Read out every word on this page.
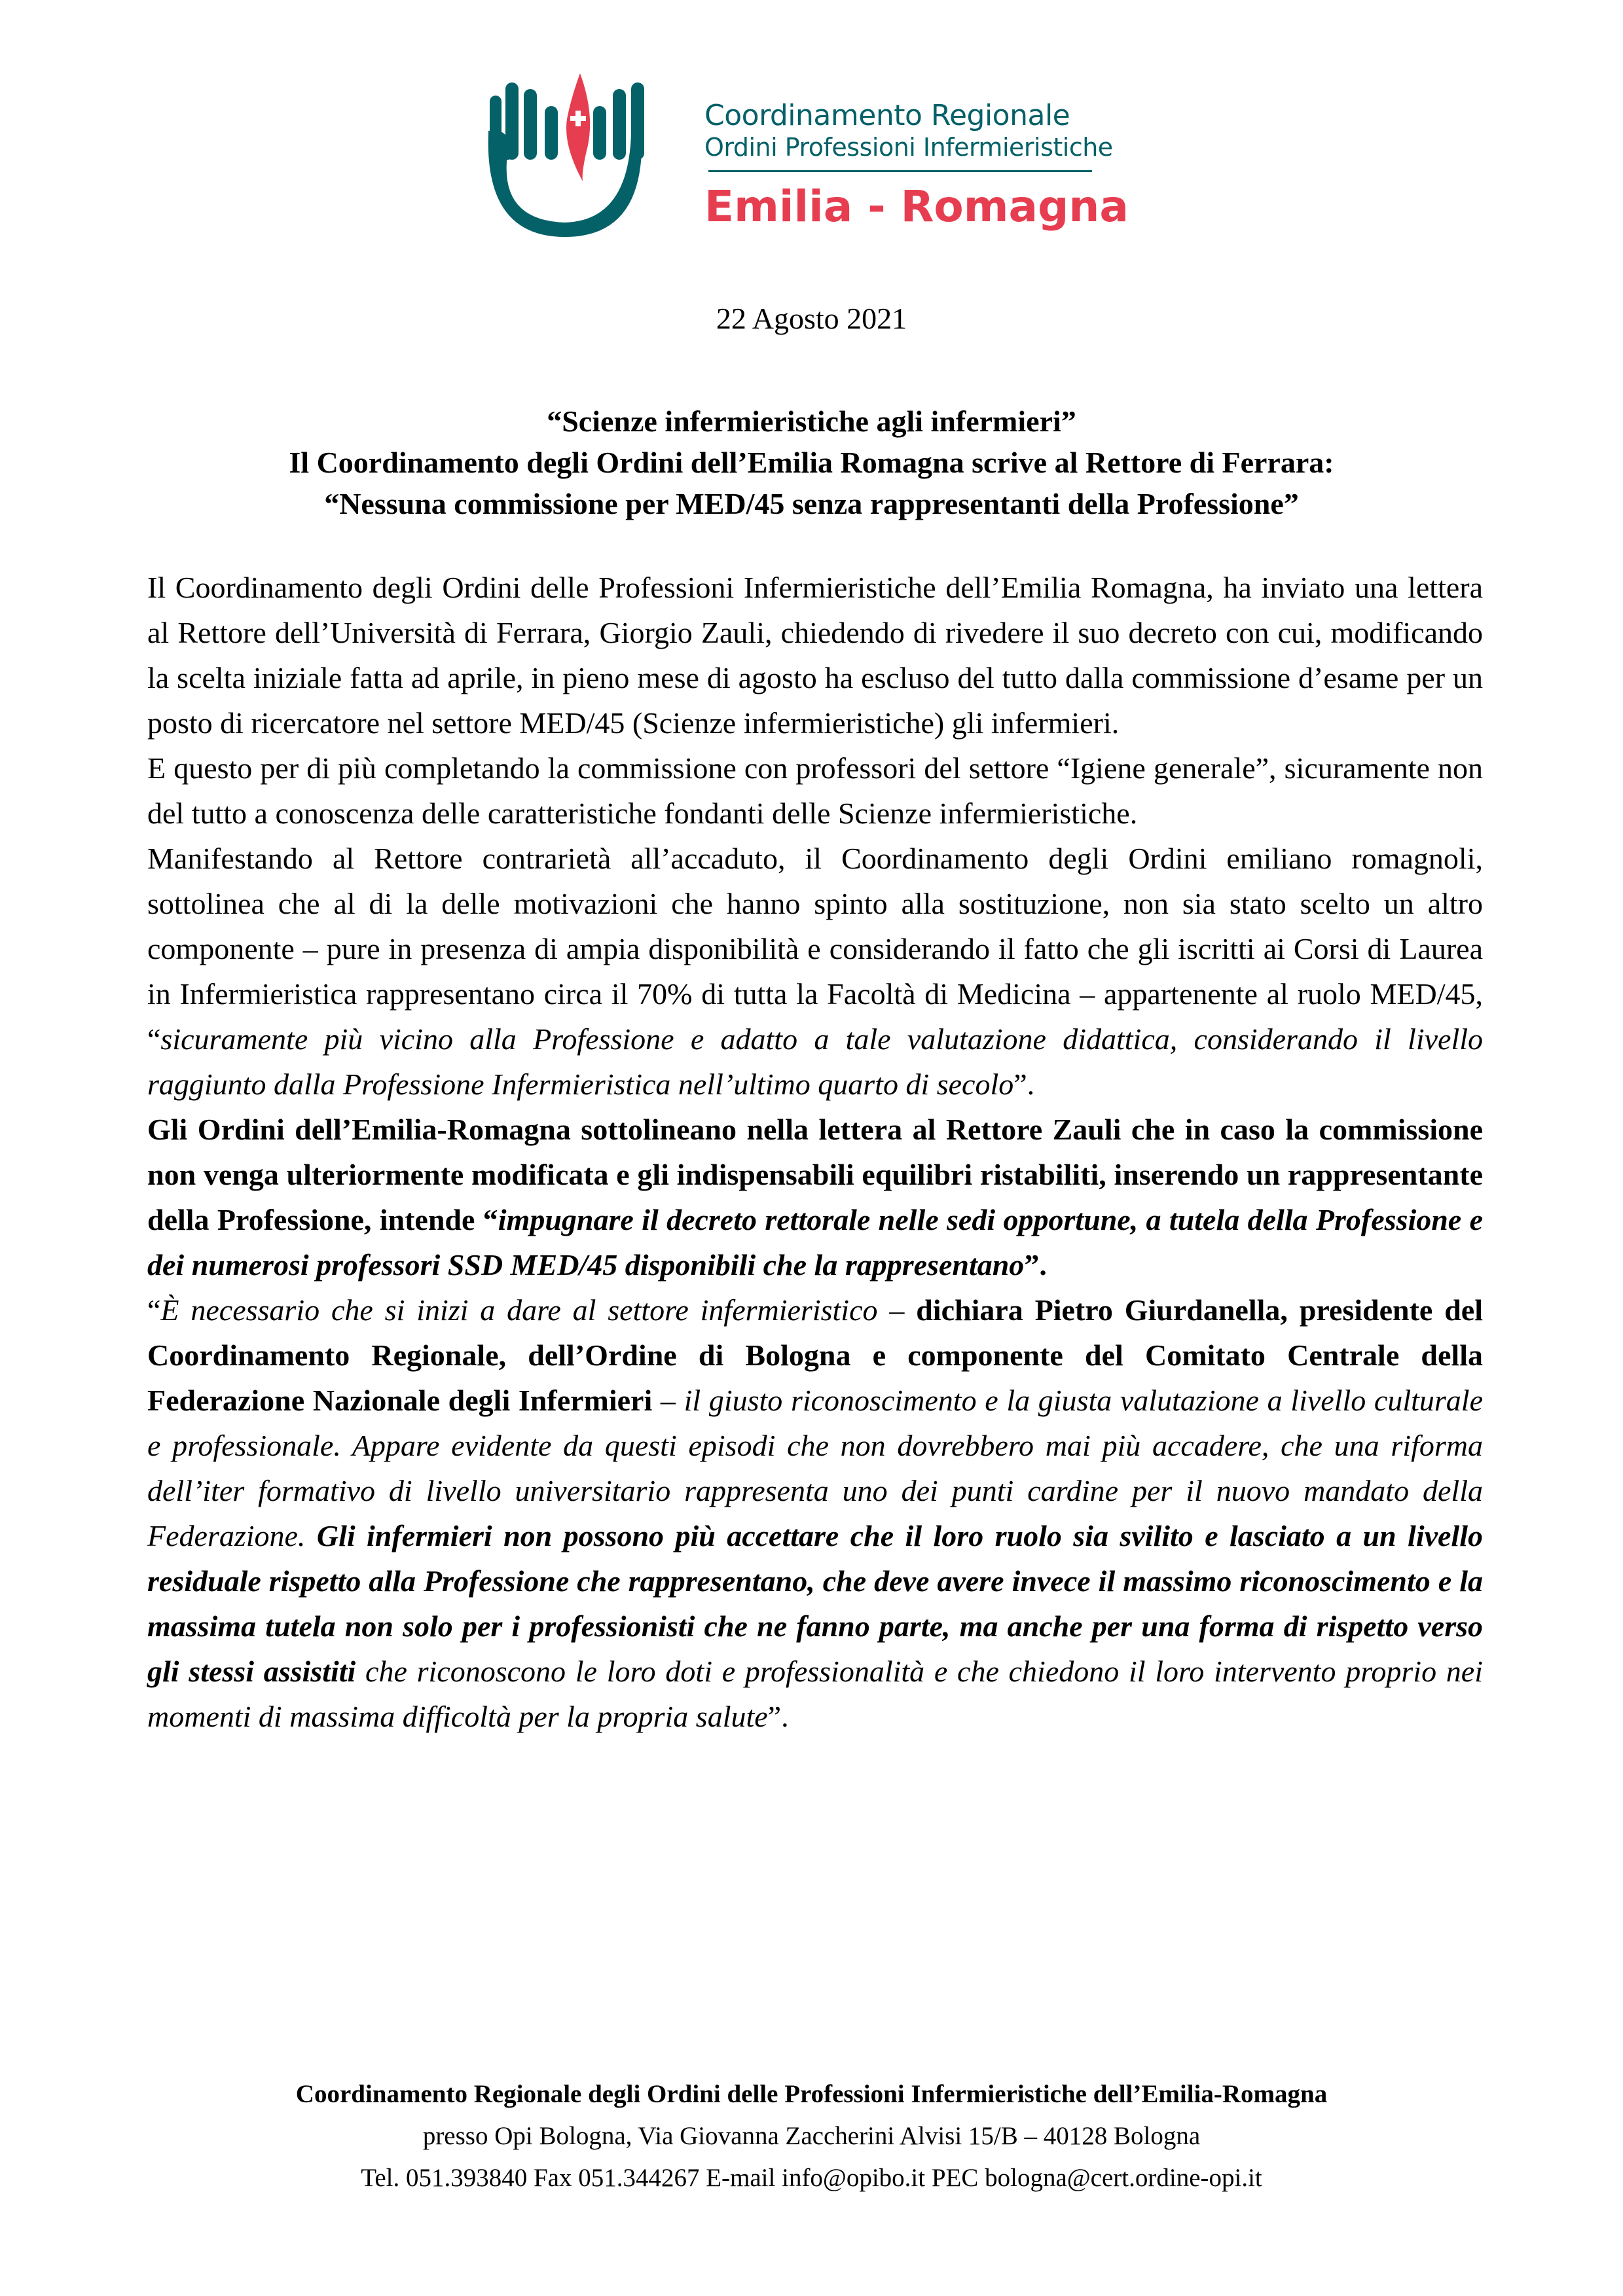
Coordinamento Regionale
Ordini Professioni Infermieristiche
Emilia - Romagna
22 Agosto 2021
“Scienze infermieristiche agli infermieri”
Il Coordinamento degli Ordini dell’Emilia Romagna scrive al Rettore di Ferrara:
“Nessuna commissione per MED/45 senza rappresentanti della Professione”

Il Coordinamento degli Ordini delle Professioni Infermieristiche dell’Emilia Romagna, ha inviato una lettera al Rettore dell’Università di Ferrara, Giorgio Zauli, chiedendo di rivedere il suo decreto con cui, modificando la scelta iniziale fatta ad aprile, in pieno mese di agosto ha escluso del tutto dalla commissione d’esame per un posto di ricercatore nel settore MED/45 (Scienze infermieristiche) gli infermieri.

E questo per di più completando la commissione con professori del settore “Igiene generale”, sicuramente non del tutto a conoscenza delle caratteristiche fondanti delle Scienze infermieristiche.

Manifestando al Rettore contrarietà all’accaduto, il Coordinamento degli Ordini emiliano romagnoli, sottolinea che al di la delle motivazioni che hanno spinto alla sostituzione, non sia stato scelto un altro componente – pure in presenza di ampia disponibilità e considerando il fatto che gli iscritti ai Corsi di Laurea in Infermieristica rappresentano circa il 70% di tutta la Facoltà di Medicina – appartenente al ruolo MED/45, “sicuramente più vicino alla Professione e adatto a tale valutazione didattica, considerando il livello raggiunto dalla Professione Infermieristica nell’ultimo quarto di secolo”.

Gli Ordini dell’Emilia-Romagna sottolineano nella lettera al Rettore Zauli che in caso la commissione non venga ulteriormente modificata e gli indispensabili equilibri ristabiliti, inserendo un rappresentante della Professione, intende “impugnare il decreto rettorale nelle sedi opportune, a tutela della Professione e dei numerosi professori SSD MED/45 disponibili che la rappresentano”.

“È necessario che si inizi a dare al settore infermieristico – dichiara Pietro Giurdanella, presidente del Coordinamento Regionale, dell’Ordine di Bologna e componente del Comitato Centrale della Federazione Nazionale degli Infermieri – il giusto riconoscimento e la giusta valutazione a livello culturale e professionale. Appare evidente da questi episodi che non dovrebbero mai più accadere, che una riforma dell’iter formativo di livello universitario rappresenta uno dei punti cardine per il nuovo mandato della Federazione. Gli infermieri non possono più accettare che il loro ruolo sia svilito e lasciato a un livello residuale rispetto alla Professione che rappresentano, che deve avere invece il massimo riconoscimento e la massima tutela non solo per i professionisti che ne fanno parte, ma anche per una forma di rispetto verso gli stessi assistiti che riconoscono le loro doti e professionalità e che chiedono il loro intervento proprio nei momenti di massima difficoltà per la propria salute”.

Coordinamento Regionale degli Ordini delle Professioni Infermieristiche dell’Emilia-Romagna
presso Opi Bologna, Via Giovanna Zaccherini Alvisi 15/B – 40128 Bologna
Tel. 051.393840 Fax 051.344267 E-mail info@opibo.it PEC bologna@cert.ordine-opi.it
